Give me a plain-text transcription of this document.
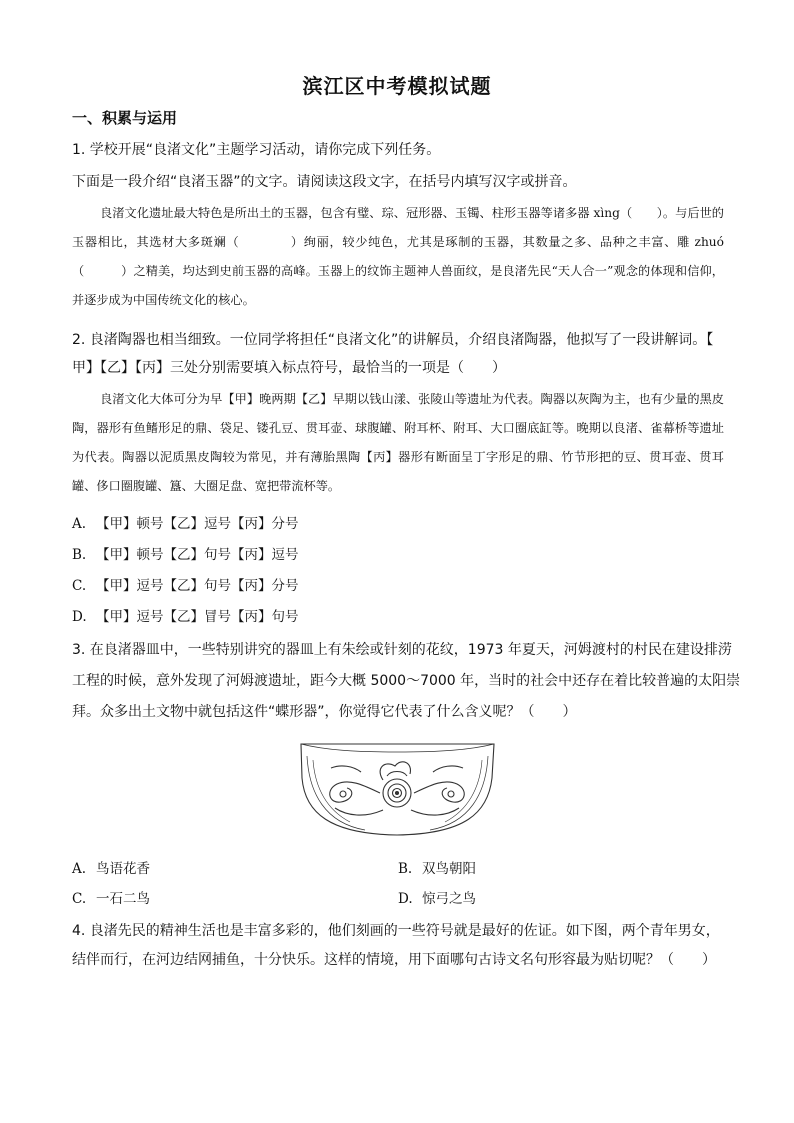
滨江区中考模拟试题
一、积累与运用
1. 学校开展“良渚文化”主题学习活动，请你完成下列任务。
下面是一段介绍“良渚玉器”的文字。请阅读这段文字，在括号内填写汉字或拼音。
良渚文化遗址最大特色是所出土的玉器，包含有璧、琮、冠形器、玉镯、柱形玉器等诸多器 xìng（　　）。与后世的玉器相比，其选材大多斑斓（　　　　）绚丽，较少纯色，尤其是琢制的玉器，其数量之多、品种之丰富、雕 zhuó（　　　）之精美，均达到史前玉器的高峰。玉器上的纹饰主题神人兽面纹，是良渚先民“天人合一”观念的体现和信仰，并逐步成为中国传统文化的核心。
2. 良渚陶器也相当细致。一位同学将担任“良渚文化”的讲解员，介绍良渚陶器，他拟写了一段讲解词。【
甲】【乙】【丙】三处分别需要填入标点符号，最恰当的一项是（　　）
良渚文化大体可分为早【甲】晚两期【乙】早期以钱山漾、张陵山等遗址为代表。陶器以灰陶为主，也有少量的黑皮陶，器形有鱼鳍形足的鼎、袋足、镂孔豆、贯耳壶、球腹罐、附耳杯、附耳、大口圈底缸等。晚期以良渚、雀幕桥等遗址为代表。陶器以泥质黑皮陶较为常见，并有薄胎黑陶【丙】器形有断面呈丁字形足的鼎、竹节形把的豆、贯耳壶、贯耳罐、侈口圈腹罐、簋、大圈足盘、宽把带流杯等。
A. 【甲】顿号【乙】逗号【丙】分号
B. 【甲】顿号【乙】句号【丙】逗号
C. 【甲】逗号【乙】句号【丙】分号
D. 【甲】逗号【乙】冒号【丙】句号
3. 在良渚器皿中，一些特别讲究的器皿上有朱绘或针刻的花纹，1973 年夏天，河姆渡村的村民在建设排涝
工程的时候，意外发现了河姆渡遗址，距今大概 5000～7000 年，当时的社会中还存在着比较普遍的太阳崇
拜。众多出土文物中就包括这件“蝶形器”，你觉得它代表了什么含义呢？（　　）
A. 鸟语花香	B. 双鸟朝阳
C. 一石二鸟	D. 惊弓之鸟
4. 良渚先民的精神生活也是丰富多彩的，他们刻画的一些符号就是最好的佐证。如下图，两个青年男女，
结伴而行，在河边结网捕鱼，十分快乐。这样的情境，用下面哪句古诗文名句形容最为贴切呢？（　　）
